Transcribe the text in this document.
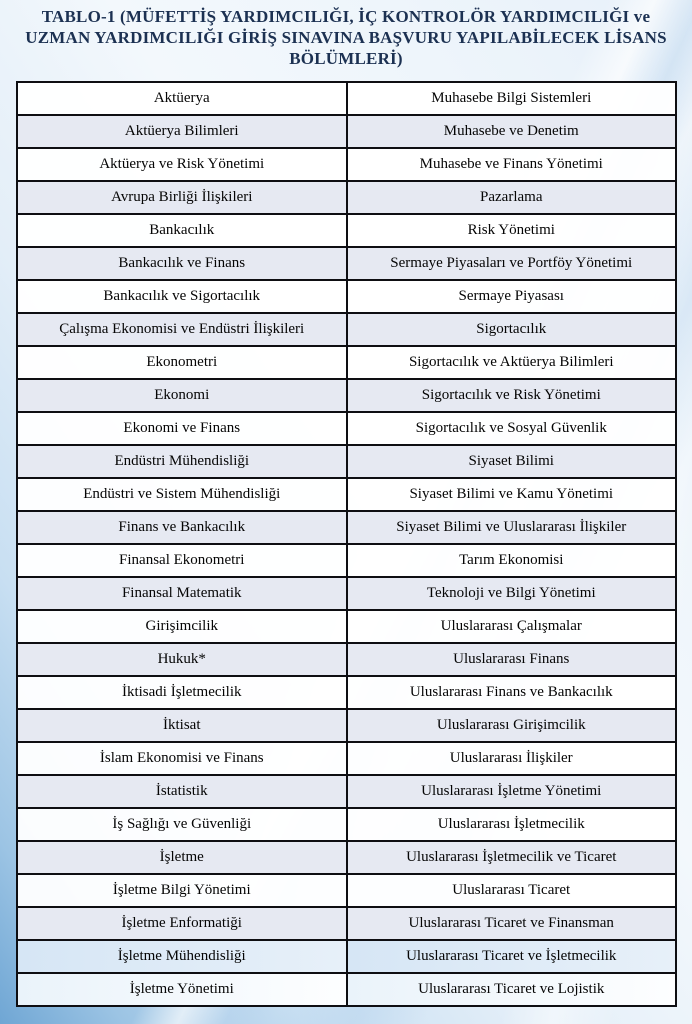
TABLO-1 (MÜFETTİŞ YARDIMCILIĞI, İÇ KONTROLÖR YARDIMCILIĞI ve
UZMAN YARDIMCILIĞI GİRİŞ SINAVINA BAŞVURU YAPILABİLECEK LİSANS
BÖLÜMLERİ)
Aktüerya	Muhasebe Bilgi Sistemleri
Aktüerya Bilimleri	Muhasebe ve Denetim
Aktüerya ve Risk Yönetimi	Muhasebe ve Finans Yönetimi
Avrupa Birliği İlişkileri	Pazarlama
Bankacılık	Risk Yönetimi
Bankacılık ve Finans	Sermaye Piyasaları ve Portföy Yönetimi
Bankacılık ve Sigortacılık	Sermaye Piyasası
Çalışma Ekonomisi ve Endüstri İlişkileri	Sigortacılık
Ekonometri	Sigortacılık ve Aktüerya Bilimleri
Ekonomi	Sigortacılık ve Risk Yönetimi
Ekonomi ve Finans	Sigortacılık ve Sosyal Güvenlik
Endüstri Mühendisliği	Siyaset Bilimi
Endüstri ve Sistem Mühendisliği	Siyaset Bilimi ve Kamu Yönetimi
Finans ve Bankacılık	Siyaset Bilimi ve Uluslararası İlişkiler
Finansal Ekonometri	Tarım Ekonomisi
Finansal Matematik	Teknoloji ve Bilgi Yönetimi
Girişimcilik	Uluslararası Çalışmalar
Hukuk*	Uluslararası Finans
İktisadi İşletmecilik	Uluslararası Finans ve Bankacılık
İktisat	Uluslararası Girişimcilik
İslam Ekonomisi ve Finans	Uluslararası İlişkiler
İstatistik	Uluslararası İşletme Yönetimi
İş Sağlığı ve Güvenliği	Uluslararası İşletmecilik
İşletme	Uluslararası İşletmecilik ve Ticaret
İşletme Bilgi Yönetimi	Uluslararası Ticaret
İşletme Enformatiği	Uluslararası Ticaret ve Finansman
İşletme Mühendisliği	Uluslararası Ticaret ve İşletmecilik
İşletme Yönetimi	Uluslararası Ticaret ve Lojistik
